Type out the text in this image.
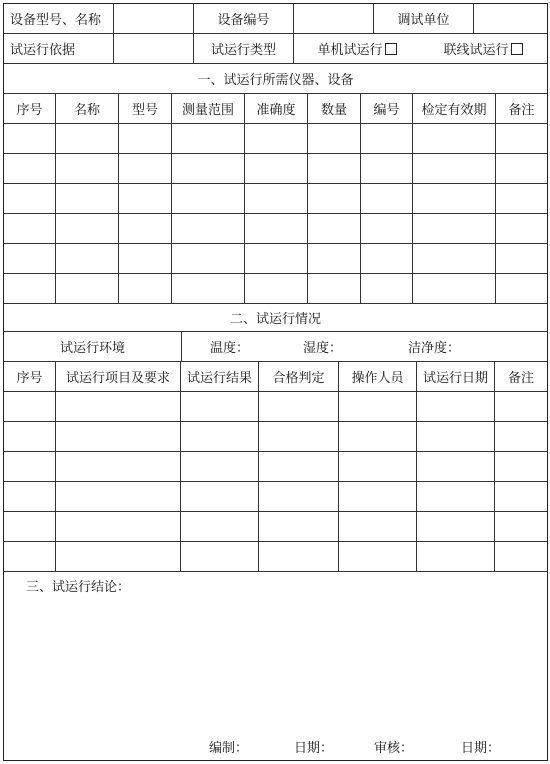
设备型号、名称	设备编号	调试单位
试运行依据	试运行类型	单机试运行	联线试运行
一、试运行所需仪器、设备
序号	名称	型号	测量范围	准确度	数量	编号	检定有效期	备注
二、试运行情况
试运行环境	温度：	湿度：	洁净度：
序号	试运行项目及要求	试运行结果	合格判定	操作人员	试运行日期	备注
三、试运行结论：
编制：	日期：	审核：	日期：
